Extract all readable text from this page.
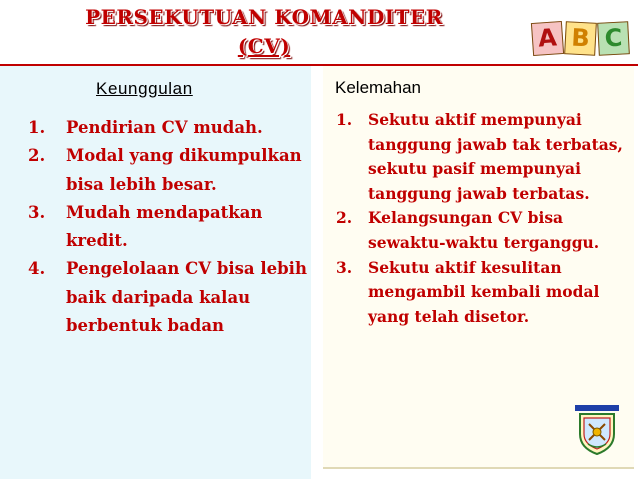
PERSEKUTUAN KOMANDITER
(CV)	A B C
Keunggulan
1. Pendirian CV mudah.
2. Modal yang dikumpulkan bisa lebih besar.
3. Mudah mendapatkan kredit.
4. Pengelolaan CV bisa lebih baik daripada kalau berbentuk badan
Kelemahan
1. Sekutu aktif mempunyai tanggung jawab tak terbatas, sekutu pasif mempunyai tanggung jawab terbatas.
2. Kelangsungan CV bisa sewaktu-waktu terganggu.
3. Sekutu aktif kesulitan mengambil kembali modal yang telah disetor.
